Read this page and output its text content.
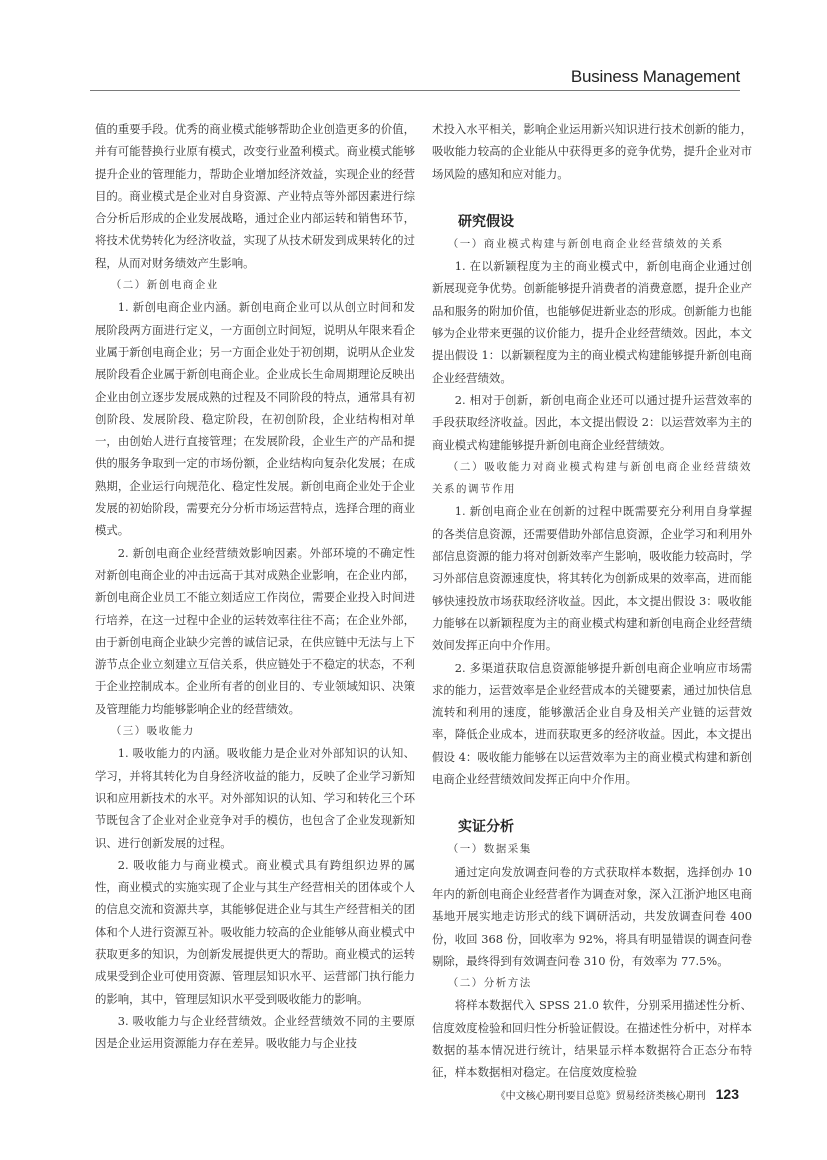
Business Management

值的重要手段。优秀的商业模式能够帮助企业创造更多的价值，并有可能替换行业原有模式，改变行业盈利模式。商业模式能够提升企业的管理能力，帮助企业增加经济效益，实现企业的经营目的。商业模式是企业对自身资源、产业特点等外部因素进行综合分析后形成的企业发展战略，通过企业内部运转和销售环节，将技术优势转化为经济收益，实现了从技术研发到成果转化的过程，从而对财务绩效产生影响。

（二）新创电商企业

1. 新创电商企业内涵。新创电商企业可以从创立时间和发展阶段两方面进行定义，一方面创立时间短，说明从年限来看企业属于新创电商企业；另一方面企业处于初创期，说明从企业发展阶段看企业属于新创电商企业。企业成长生命周期理论反映出企业由创立逐步发展成熟的过程及不同阶段的特点，通常具有初创阶段、发展阶段、稳定阶段，在初创阶段，企业结构相对单一，由创始人进行直接管理；在发展阶段，企业生产的产品和提供的服务争取到一定的市场份额，企业结构向复杂化发展；在成熟期，企业运行向规范化、稳定性发展。新创电商企业处于企业发展的初始阶段，需要充分分析市场运营特点，选择合理的商业模式。

2. 新创电商企业经营绩效影响因素。外部环境的不确定性对新创电商企业的冲击远高于其对成熟企业影响，在企业内部，新创电商企业员工不能立刻适应工作岗位，需要企业投入时间进行培养，在这一过程中企业的运转效率往往不高；在企业外部，由于新创电商企业缺少完善的诚信记录，在供应链中无法与上下游节点企业立刻建立互信关系，供应链处于不稳定的状态，不利于企业控制成本。企业所有者的创业目的、专业领域知识、决策及管理能力均能够影响企业的经营绩效。

（三）吸收能力

1. 吸收能力的内涵。吸收能力是企业对外部知识的认知、学习，并将其转化为自身经济收益的能力，反映了企业学习新知识和应用新技术的水平。对外部知识的认知、学习和转化三个环节既包含了企业对企业竞争对手的模仿，也包含了企业发现新知识、进行创新发展的过程。

2. 吸收能力与商业模式。商业模式具有跨组织边界的属性，商业模式的实施实现了企业与其生产经营相关的团体或个人的信息交流和资源共享，其能够促进企业与其生产经营相关的团体和个人进行资源互补。吸收能力较高的企业能够从商业模式中获取更多的知识，为创新发展提供更大的帮助。商业模式的运转成果受到企业可使用资源、管理层知识水平、运营部门执行能力的影响，其中，管理层知识水平受到吸收能力的影响。

3. 吸收能力与企业经营绩效。企业经营绩效不同的主要原因是企业运用资源能力存在差异。吸收能力与企业技

术投入水平相关，影响企业运用新兴知识进行技术创新的能力，吸收能力较高的企业能从中获得更多的竞争优势，提升企业对市场风险的感知和应对能力。

研究假设

（一）商业模式构建与新创电商企业经营绩效的关系

1. 在以新颖程度为主的商业模式中，新创电商企业通过创新展现竞争优势。创新能够提升消费者的消费意愿，提升企业产品和服务的附加价值，也能够促进新业态的形成。创新能力也能够为企业带来更强的议价能力，提升企业经营绩效。因此，本文提出假设 1：以新颖程度为主的商业模式构建能够提升新创电商企业经营绩效。

2. 相对于创新，新创电商企业还可以通过提升运营效率的手段获取经济收益。因此，本文提出假设 2：以运营效率为主的商业模式构建能够提升新创电商企业经营绩效。

（二）吸收能力对商业模式构建与新创电商企业经营绩效关系的调节作用

1. 新创电商企业在创新的过程中既需要充分利用自身掌握的各类信息资源，还需要借助外部信息资源，企业学习和利用外部信息资源的能力将对创新效率产生影响，吸收能力较高时，学习外部信息资源速度快，将其转化为创新成果的效率高，进而能够快速投放市场获取经济收益。因此，本文提出假设 3：吸收能力能够在以新颖程度为主的商业模式构建和新创电商企业经营绩效间发挥正向中介作用。

2. 多渠道获取信息资源能够提升新创电商企业响应市场需求的能力，运营效率是企业经营成本的关键要素，通过加快信息流转和利用的速度，能够激活企业自身及相关产业链的运营效率，降低企业成本，进而获取更多的经济收益。因此，本文提出假设 4：吸收能力能够在以运营效率为主的商业模式构建和新创电商企业经营绩效间发挥正向中介作用。

实证分析

（一）数据采集

通过定向发放调查问卷的方式获取样本数据，选择创办 10 年内的新创电商企业经营者作为调查对象，深入江浙沪地区电商基地开展实地走访形式的线下调研活动，共发放调查问卷 400 份，收回 368 份，回收率为 92%，将具有明显错误的调查问卷剔除，最终得到有效调查问卷 310 份，有效率为 77.5%。

（二）分析方法

将样本数据代入 SPSS 21.0 软件，分别采用描述性分析、信度效度检验和回归性分析验证假设。在描述性分析中，对样本数据的基本情况进行统计，结果显示样本数据符合正态分布特征，样本数据相对稳定。在信度效度检验

《中文核心期刊要目总览》贸易经济类核心期刊 123
